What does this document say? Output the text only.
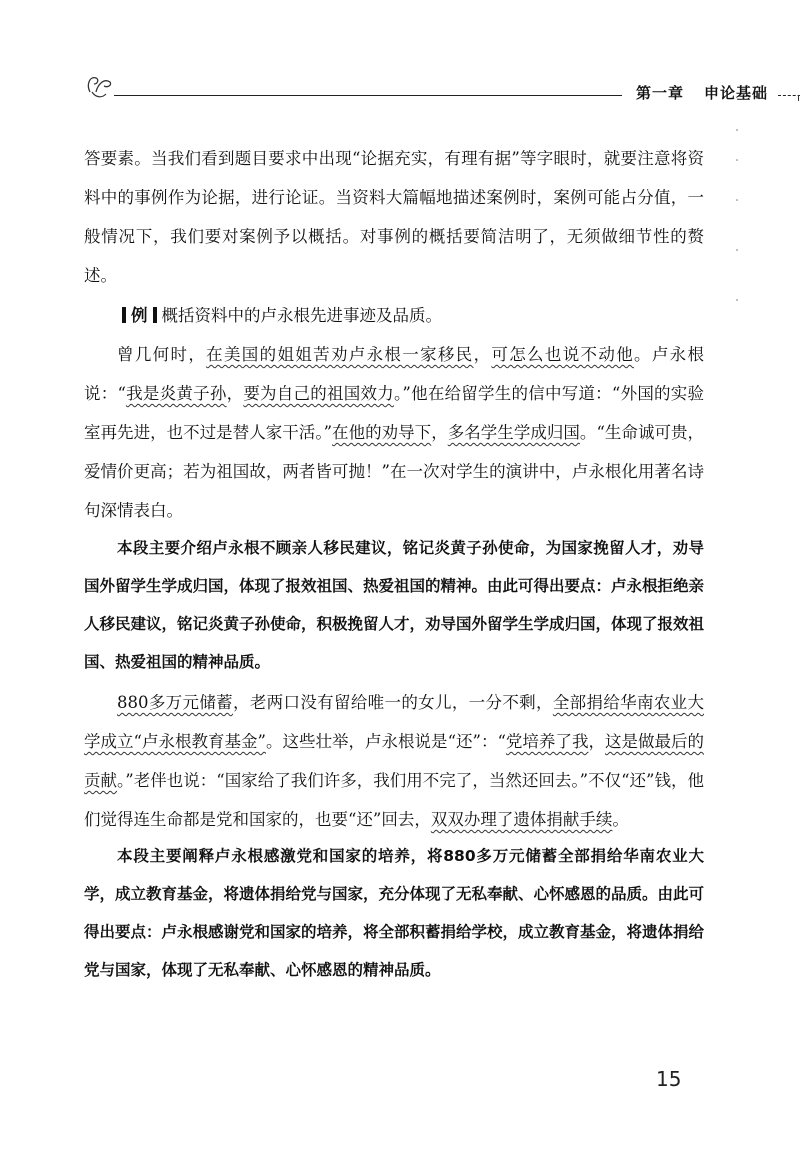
第一章 申论基础

答要素。当我们看到题目要求中出现“论据充实，有理有据”等字眼时，就要注意将资料中的事例作为论据，进行论证。当资料大篇幅地描述案例时，案例可能占分值，一般情况下，我们要对案例予以概括。对事例的概括要简洁明了，无须做细节性的赘述。

例 概括资料中的卢永根先进事迹及品质。

曾几何时，在美国的姐姐苦劝卢永根一家移民，可怎么也说不动他。卢永根说：“我是炎黄子孙，要为自己的祖国效力。”他在给留学生的信中写道：“外国的实验室再先进，也不过是替人家干活。”在他的劝导下，多名学生学成归国。“生命诚可贵，爱情价更高；若为祖国故，两者皆可抛！”在一次对学生的演讲中，卢永根化用著名诗句深情表白。

本段主要介绍卢永根不顾亲人移民建议，铭记炎黄子孙使命，为国家挽留人才，劝导国外留学生学成归国，体现了报效祖国、热爱祖国的精神。由此可得出要点：卢永根拒绝亲人移民建议，铭记炎黄子孙使命，积极挽留人才，劝导国外留学生学成归国，体现了报效祖国、热爱祖国的精神品质。

880多万元储蓄，老两口没有留给唯一的女儿，一分不剩，全部捐给华南农业大学成立“卢永根教育基金”。这些壮举，卢永根说是“还”：“党培养了我，这是做最后的贡献。”老伴也说：“国家给了我们许多，我们用不完了，当然还回去。”不仅“还”钱，他们觉得连生命都是党和国家的，也要“还”回去，双双办理了遗体捐献手续。

本段主要阐释卢永根感激党和国家的培养，将880多万元储蓄全部捐给华南农业大学，成立教育基金，将遗体捐给党与国家，充分体现了无私奉献、心怀感恩的品质。由此可得出要点：卢永根感谢党和国家的培养，将全部积蓄捐给学校，成立教育基金，将遗体捐给党与国家，体现了无私奉献、心怀感恩的精神品质。

15
